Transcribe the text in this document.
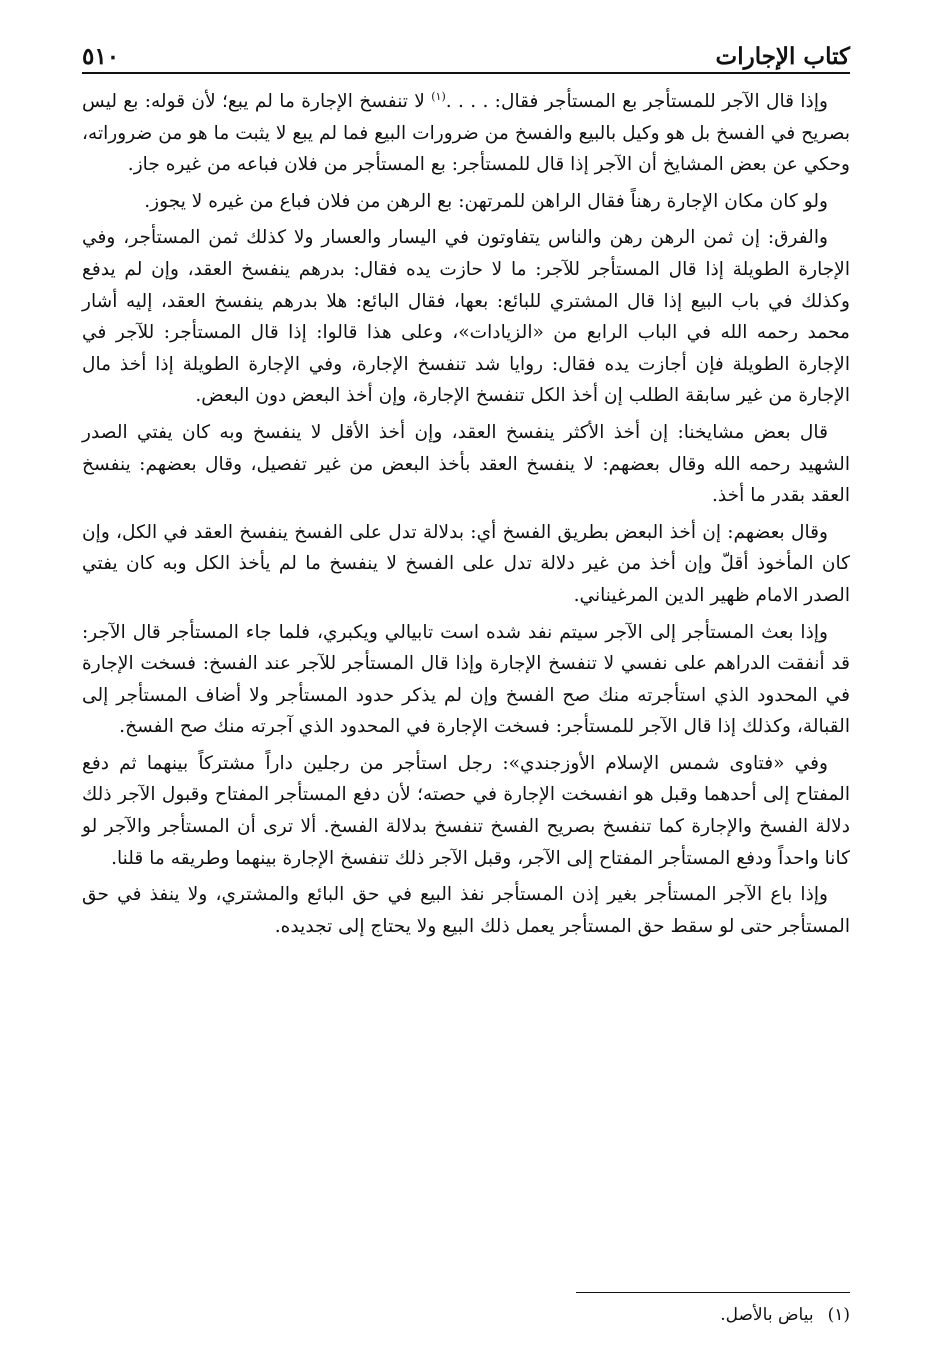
كتاب الإجارات
٥١٠

وإذا قال الآجر للمستأجر بع المستأجر فقال: . . . .$^{(١)}$ لا تنفسخ الإجارة ما لم يبع؛ لأن قوله: بع ليس بصريح في الفسخ بل هو وكيل بالبيع والفسخ من ضرورات البيع فما لم يبع لا يثبت ما هو من ضروراته، وحكي عن بعض المشايخ أن الآجر إذا قال للمستأجر: بع المستأجر من فلان فباعه من غيره جاز.

ولو كان مكان الإجارة رهناً فقال الراهن للمرتهن: بع الرهن من فلان فباع من غيره لا يجوز.

والفرق: إن ثمن الرهن رهن والناس يتفاوتون في اليسار والعسار ولا كذلك ثمن المستأجر، وفي الإجارة الطويلة إذا قال المستأجر للآجر: ما لا حازت يده فقال: بدرهم ينفسخ العقد، وإن لم يدفع وكذلك في باب البيع إذا قال المشتري للبائع: بعها، فقال البائع: هلا بدرهم ينفسخ العقد، إليه أشار محمد رحمه الله في الباب الرابع من «الزيادات»، وعلى هذا قالوا: إذا قال المستأجر: للآجر في الإجارة الطويلة فإن أجازت يده فقال: روايا شد تنفسخ الإجارة، وفي الإجارة الطويلة إذا أخذ مال الإجارة من غير سابقة الطلب إن أخذ الكل تنفسخ الإجارة، وإن أخذ البعض دون البعض.

قال بعض مشايخنا: إن أخذ الأكثر ينفسخ العقد، وإن أخذ الأقل لا ينفسخ وبه كان يفتي الصدر الشهيد رحمه الله وقال بعضهم: لا ينفسخ العقد بأخذ البعض من غير تفصيل، وقال بعضهم: ينفسخ العقد بقدر ما أخذ.

وقال بعضهم: إن أخذ البعض بطريق الفسخ أي: بدلالة تدل على الفسخ ينفسخ العقد في الكل، وإن كان المأخوذ أقلّ وإن أخذ من غير دلالة تدل على الفسخ لا ينفسخ ما لم يأخذ الكل وبه كان يفتي الصدر الامام ظهير الدين المرغيناني.

وإذا بعث المستأجر إلى الآجر سيتم نفد شده است تابيالي ويكبري، فلما جاء المستأجر قال الآجر: قد أنفقت الدراهم على نفسي لا تنفسخ الإجارة وإذا قال المستأجر للآجر عند الفسخ: فسخت الإجارة في المحدود الذي استأجرته منك صح الفسخ وإن لم يذكر حدود المستأجر ولا أضاف المستأجر إلى القبالة، وكذلك إذا قال الآجر للمستأجر: فسخت الإجارة في المحدود الذي آجرته منك صح الفسخ.

وفي «فتاوى شمس الإسلام الأوزجندي»: رجل استأجر من رجلين داراً مشتركاً بينهما ثم دفع المفتاح إلى أحدهما وقبل هو انفسخت الإجارة في حصته؛ لأن دفع المستأجر المفتاح وقبول الآجر ذلك دلالة الفسخ والإجارة كما تنفسخ بصريح الفسخ تنفسخ بدلالة الفسخ. ألا ترى أن المستأجر والآجر لو كانا واحداً ودفع المستأجر المفتاح إلى الآجر، وقبل الآجر ذلك تنفسخ الإجارة بينهما وطريقه ما قلنا.

وإذا باع الآجر المستأجر بغير إذن المستأجر نفذ البيع في حق البائع والمشتري، ولا ينفذ في حق المستأجر حتى لو سقط حق المستأجر يعمل ذلك البيع ولا يحتاج إلى تجديده.

(١)بياض بالأصل.
